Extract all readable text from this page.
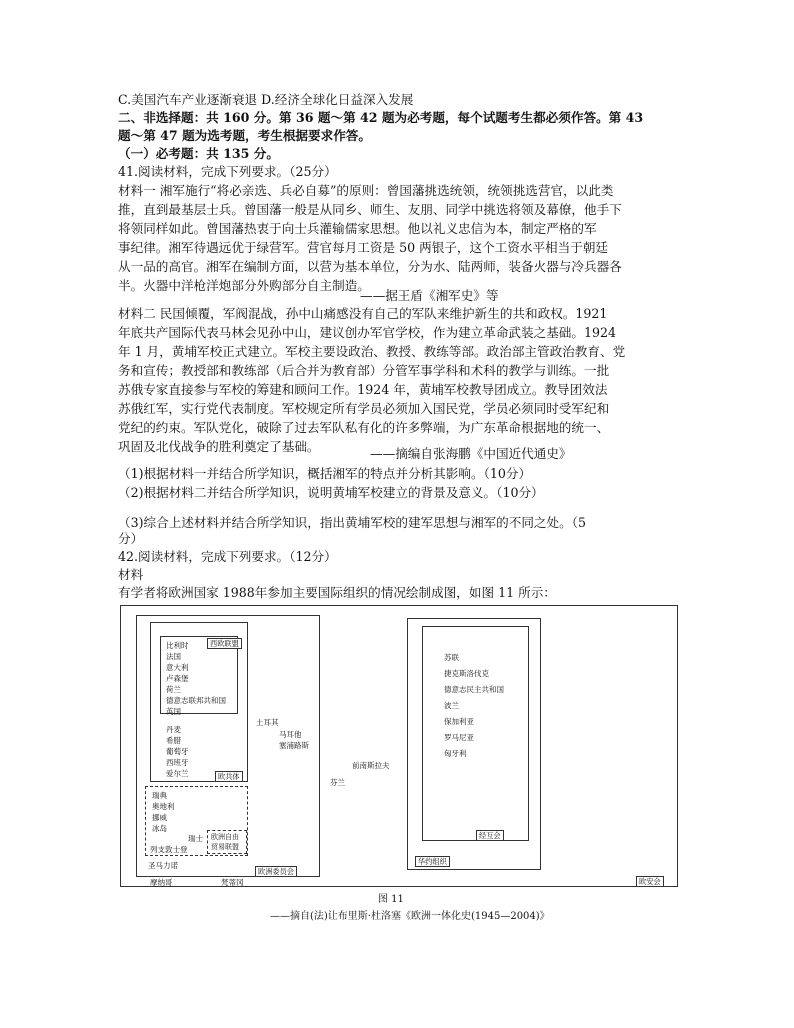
C.美国汽车产业逐渐衰退 D.经济全球化日益深入发展
二、非选择题：共 160 分。第 36 题～第 42 题为必考题，每个试题考生都必须作答。第 43
题～第 47 题为选考题，考生根据要求作答。
（一）必考题：共 135 分。
41.阅读材料，完成下列要求。（25分）
材料一 湘军施行“将必亲选、兵必自募”的原则：曾国藩挑选统领，统领挑选营官，以此类
推，直到最基层士兵。曾国藩一般是从同乡、师生、友朋、同学中挑选将领及幕僚，他手下
将领同样如此。曾国藩热衷于向士兵灌输儒家思想。他以礼义忠信为本，制定严格的军
事纪律。湘军待遇远优于绿营军。营官每月工资是 50 两银子，这个工资水平相当于朝廷
从一品的高官。湘军在编制方面，以营为基本单位，分为水、陆两师，装备火器与冷兵器各
半。火器中洋枪洋炮部分外购部分自主制造。
——据王盾《湘军史》等
材料二 民国倾覆，军阀混战，孙中山痛感没有自己的军队来维护新生的共和政权。1921
年底共产国际代表马林会见孙中山，建议创办军官学校，作为建立革命武装之基础。1924
年 1 月，黄埔军校正式建立。军校主要设政治、教授、教练等部。政治部主管政治教育、党
务和宣传；教授部和教练部（后合并为教育部）分管军事学科和术科的教学与训练。一批
苏俄专家直接参与军校的筹建和顾问工作。1924 年，黄埔军校教导团成立。教导团效法
苏俄红军，实行党代表制度。军校规定所有学员必须加入国民党，学员必须同时受军纪和
党纪的约束。军队党化，破除了过去军队私有化的许多弊端，为广东革命根据地的统一、
巩固及北伐战争的胜利奠定了基础。	——摘编自张海鹏《中国近代通史》
（1)根据材料一并结合所学知识，概括湘军的特点并分析其影响。（10分）
（2)根据材料二并结合所学知识，说明黄埔军校建立的背景及意义。（10分）
（3)综合上述材料并结合所学知识，指出黄埔军校的建军思想与湘军的不同之处。（5
分）
42.阅读材料，完成下列要求。（12分）
材料
有学者将欧洲国家 1988年参加主要国际组织的情况绘制成图，如图 11 所示：
欧安会
欧洲委员会
欧共体
西欧联盟
比利时
法国
意大利
卢森堡
荷兰
德意志联邦共和国
英国
丹麦
希腊
葡萄牙
西班牙
爱尔兰
瑞典
奥地利
挪威
冰岛
瑞士
列支敦士登
欧洲自由贸易联盟
圣马力诺
土耳其
马耳他
塞浦路斯
芬兰
前南斯拉夫
摩纳哥	梵蒂冈
华约组织
经互会
苏联
捷克斯洛伐克
德意志民主共和国
波兰
保加利亚
罗马尼亚
匈牙利
图 11
——摘自(法)让布里斯·杜洛塞《欧洲一体化史(1945—2004)》
